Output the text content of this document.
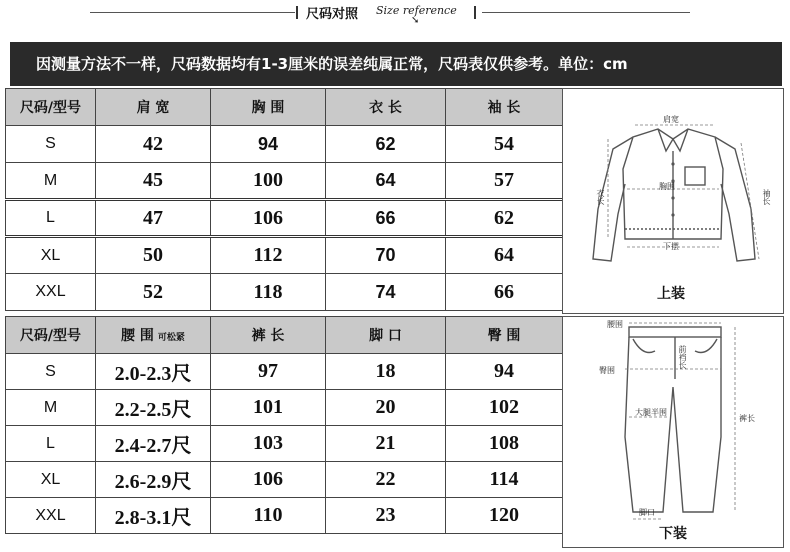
尺码对照 Size reference
➘
因测量方法不一样，尺码数据均有1-3厘米的误差纯属正常，尺码表仅供参考。单位：cm
尺码/型号	肩 宽	胸 围	衣 长	袖 长
S	42	94	62	54
M	45	100	64	57
L	47	106	66	62
XL	50	112	70	64
XXL	52	118	74	66
尺码/型号	腰 围 可松紧	裤 长	脚 口	臀 围
S	2.0-2.3尺	97	18	94
M	2.2-2.5尺	101	20	102
L	2.4-2.7尺	103	21	108
XL	2.6-2.9尺	106	22	114
XXL	2.8-3.1尺	110	23	120
肩宽
胸围
衣长	袖长
下摆
上装
腰围
臀围
前裆长
大腿半围
裤长
脚口
下装
